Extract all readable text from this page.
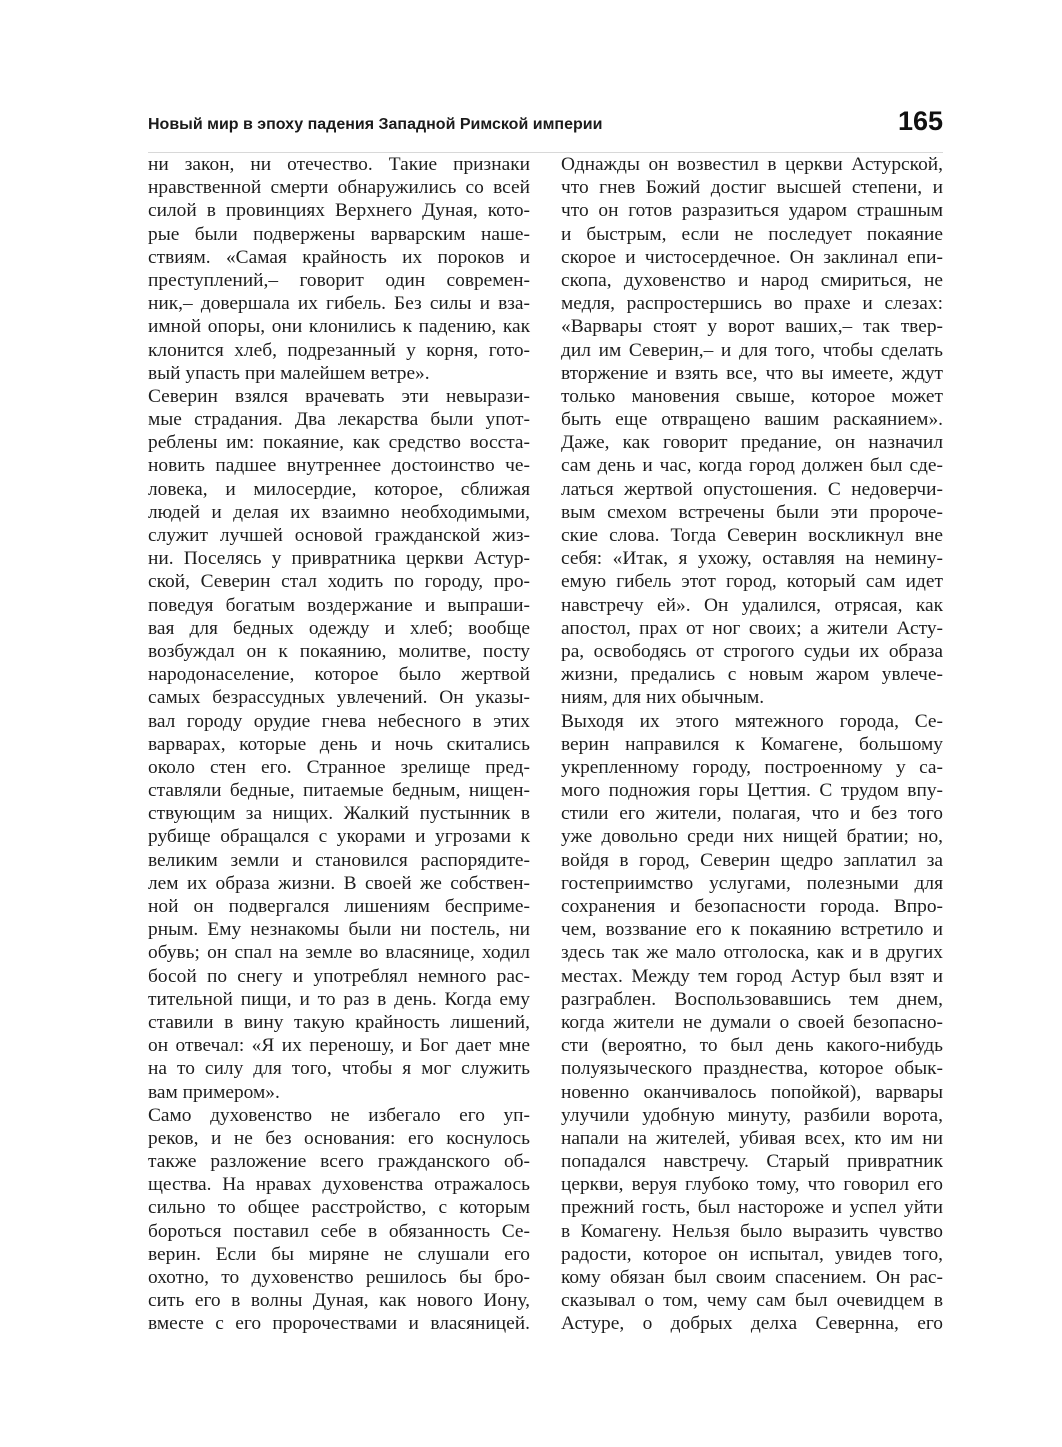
Новый мир в эпоху падения Западной Римской империи	165
ни закон, ни отечество. Такие признаки
нравственной смерти обнаружились со всей
силой в провинциях Верхнего Дуная, кото-
рые были подвержены варварским наше-
ствиям. «Самая крайность их пороков и
преступлений,– говорит один современ-
ник,– довершала их гибель. Без силы и вза-
имной опоры, они клонились к падению, как
клонится хлеб, подрезанный у корня, гото-
вый упасть при малейшем ветре».
Северин взялся врачевать эти невырази-
мые страдания. Два лекарства были упот-
реблены им: покаяние, как средство восста-
новить падшее внутреннее достоинство че-
ловека, и милосердие, которое, сближая
людей и делая их взаимно необходимыми,
служит лучшей основой гражданской жиз-
ни. Поселясь у привратника церкви Астур-
ской, Северин стал ходить по городу, про-
поведуя богатым воздержание и выпраши-
вая для бедных одежду и хлеб; вообще
возбуждал он к покаянию, молитве, посту
народонаселение, которое было жертвой
самых безрассудных увлечений. Он указы-
вал городу орудие гнева небесного в этих
варварах, которые день и ночь скитались
около стен его. Странное зрелище пред-
ставляли бедные, питаемые бедным, нищен-
ствующим за нищих. Жалкий пустынник в
рубище обращался с укорами и угрозами к
великим земли и становился распорядите-
лем их образа жизни. В своей же собствен-
ной он подвергался лишениям бесприме-
рным. Ему незнакомы были ни постель, ни
обувь; он спал на земле во власянице, ходил
босой по снегу и употреблял немного рас-
тительной пищи, и то раз в день. Когда ему
ставили в вину такую крайность лишений,
он отвечал: «Я их переношу, и Бог дает мне
на то силу для того, чтобы я мог служить
вам примером».
Само духовенство не избегало его уп-
реков, и не без основания: его коснулось
также разложение всего гражданского об-
щества. На нравах духовенства отражалось
сильно то общее расстройство, с которым
бороться поставил себе в обязанность Се-
верин. Если бы миряне не слушали его
охотно, то духовенство решилось бы бро-
сить его в волны Дуная, как нового Иону,
вместе с его пророчествами и власяницей.
Однажды он возвестил в церкви Астурской,
что гнев Божий достиг высшей степени, и
что он готов разразиться ударом страшным
и быстрым, если не последует покаяние
скорое и чистосердечное. Он заклинал епи-
скопа, духовенство и народ смириться, не
медля, распростершись во прахе и слезах:
«Варвары стоят у ворот ваших,– так твер-
дил им Северин,– и для того, чтобы сделать
вторжение и взять все, что вы имеете, ждут
только мановения свыше, которое может
быть еще отвращено вашим раскаянием».
Даже, как говорит предание, он назначил
сам день и час, когда город должен был сде-
латься жертвой опустошения. С недоверчи-
вым смехом встречены были эти пророче-
ские слова. Тогда Северин воскликнул вне
себя: «Итак, я ухожу, оставляя на немину-
емую гибель этот город, который сам идет
навстречу ей». Он удалился, отрясая, как
апостол, прах от ног своих; а жители Асту-
ра, освободясь от строгого судьи их образа
жизни, предались с новым жаром увлече-
ниям, для них обычным.
Выходя их этого мятежного города, Се-
верин направился к Комагене, большому
укрепленному городу, построенному у са-
мого подножия горы Цеттия. С трудом впу-
стили его жители, полагая, что и без того
уже довольно среди них нищей братии; но,
войдя в город, Северин щедро заплатил за
гостеприимство услугами, полезными для
сохранения и безопасности города. Впро-
чем, воззвание его к покаянию встретило и
здесь так же мало отголоска, как и в других
местах. Между тем город Астур был взят и
разграблен. Воспользовавшись тем днем,
когда жители не думали о своей безопасно-
сти (вероятно, то был день какого-нибудь
полуязыческого празднества, которое обык-
новенно оканчивалось попойкой), варвары
улучили удобную минуту, разбили ворота,
напали на жителей, убивая всех, кто им ни
попадался навстречу. Старый привратник
церкви, веруя глубоко тому, что говорил его
прежний гость, был настороже и успел уйти
в Комагену. Нельзя было выразить чувство
радости, которое он испытал, увидев того,
кому обязан был своим спасением. Он рас-
сказывал о том, чему сам был очевидцем в
Астуре, о добрых делха Севернна, его
